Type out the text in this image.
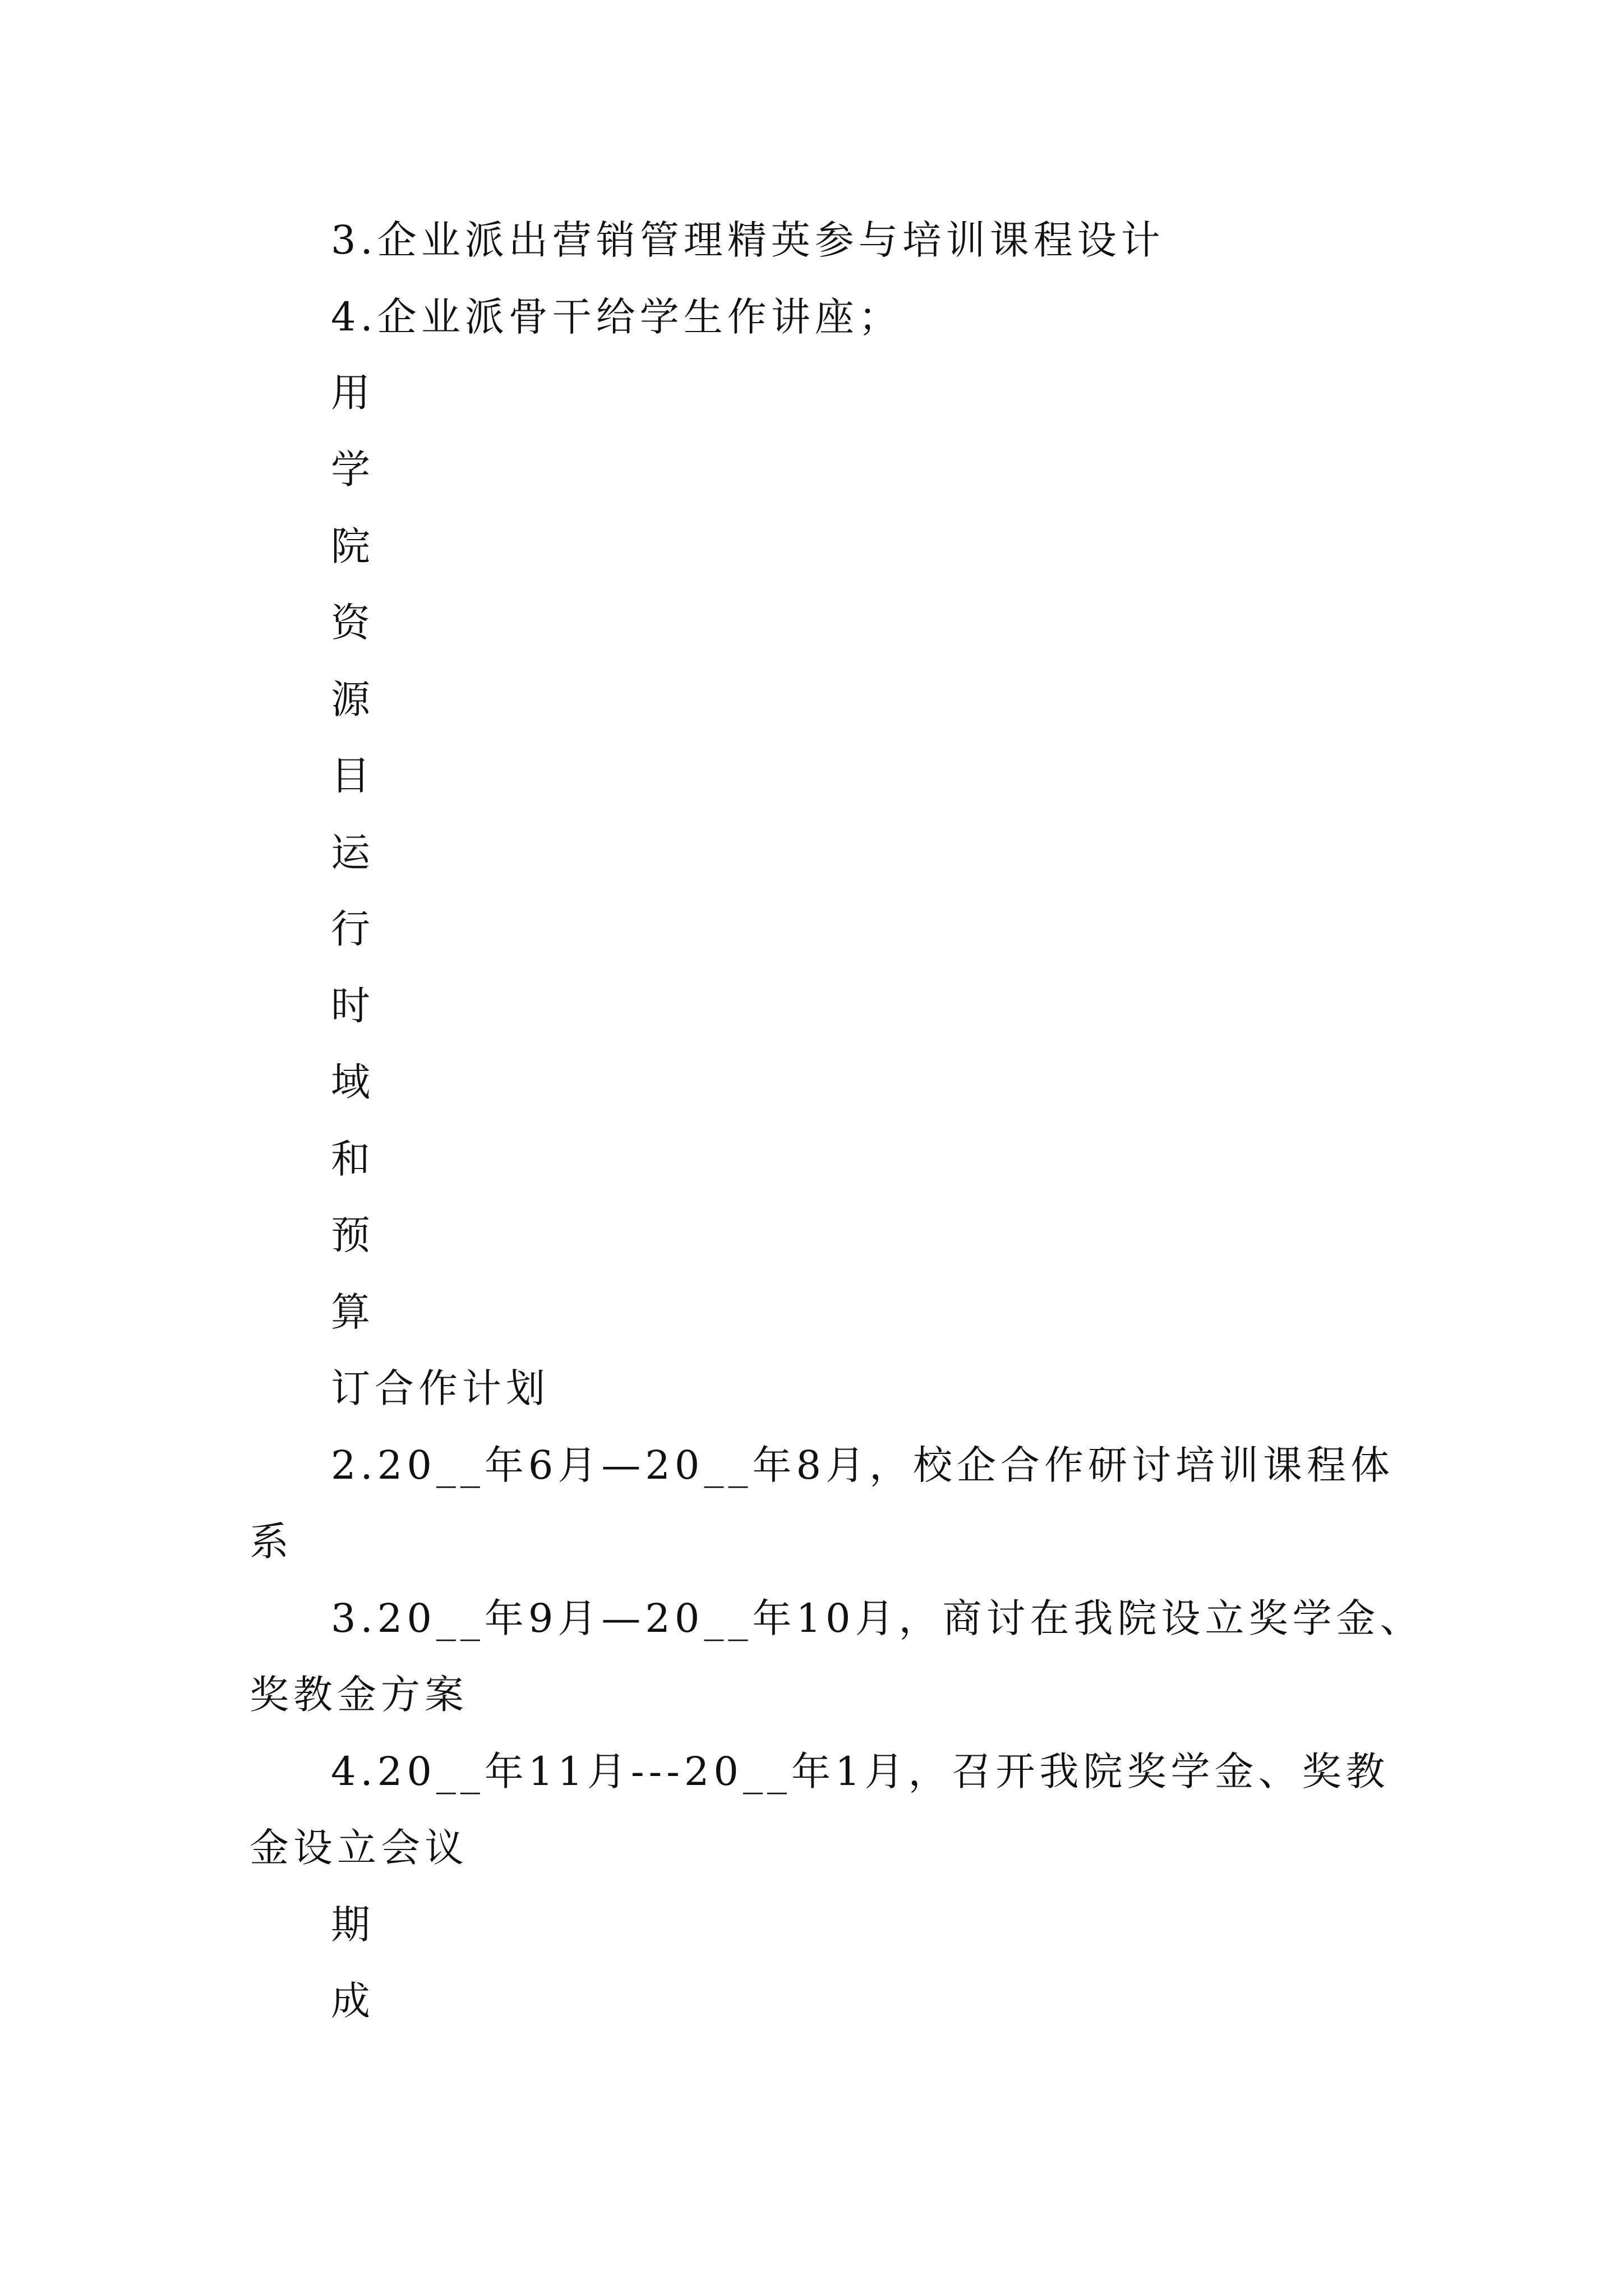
3.企业派出营销管理精英参与培训课程设计
4.企业派骨干给学生作讲座；
用
学
院
资
源
目
运
行
时
域
和
预
算
订合作计划
2.20__年6月—20__年8月，校企合作研讨培训课程体
系
3.20__年9月—20__年10月，商讨在我院设立奖学金、
奖教金方案
4.20__年11月---20__年1月，召开我院奖学金、奖教
金设立会议
期
成
